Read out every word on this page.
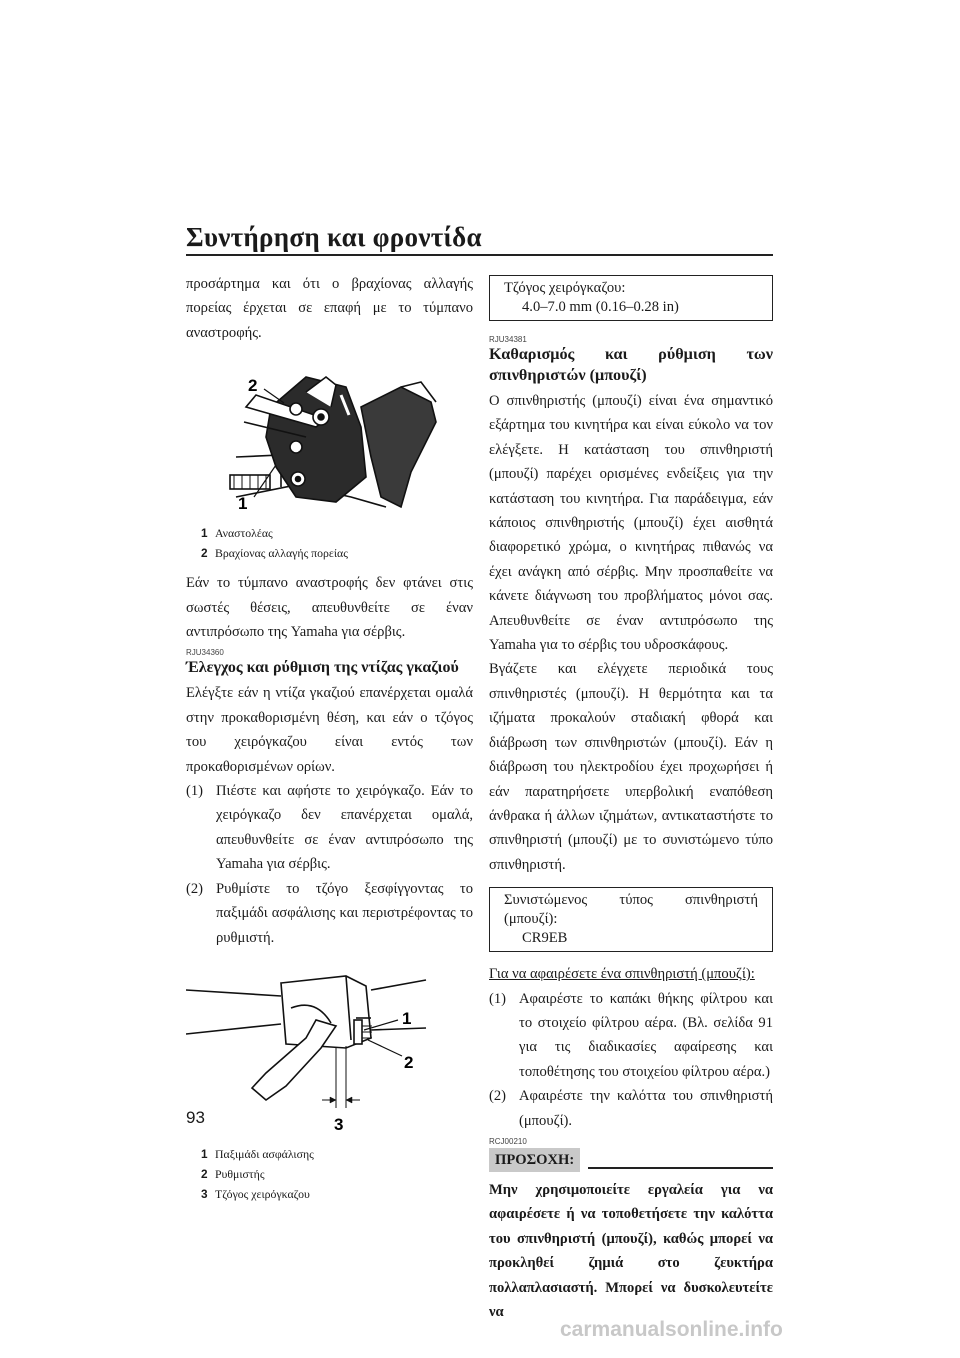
Συντήρηση και φροντίδα

προσάρτημα και ότι ο βραχίονας αλλαγής πορείας έρχεται σε επαφή με το τύμπανο αναστροφής.

2
1
1 Αναστολέας
2 Βραχίονας αλλαγής πορείας

Εάν το τύμπανο αναστροφής δεν φτάνει στις σωστές θέσεις, απευθυνθείτε σε έναν αντιπρόσωπο της Yamaha για σέρβις.

RJU34360
Έλεγχος και ρύθμιση της ντίζας γκαζιού

Ελέγξτε εάν η ντίζα γκαζιού επανέρχεται ομαλά στην προκαθορισμένη θέση, και εάν ο τζόγος του χειρόγκαζου είναι εντός των προκαθορισμένων ορίων.

(1) Πιέστε και αφήστε το χειρόγκαζο. Εάν το χειρόγκαζο δεν επανέρχεται ομαλά, απευθυνθείτε σε έναν αντιπρόσωπο της Yamaha για σέρβις.
(2) Ρυθμίστε το τζόγο ξεσφίγγοντας το παξιμάδι ασφάλισης και περιστρέφοντας το ρυθμιστή.
1
2
3
1 Παξιμάδι ασφάλισης
2 Ρυθμιστής
3 Τζόγος χειρόγκαζου
Τζόγος χειρόγκαζου:
4.0–7.0 mm (0.16–0.28 in)
RJU34381
Καθαρισμός και ρύθμιση των σπινθηριστών (μπουζί)

Ο σπινθηριστής (μπουζί) είναι ένα σημαντικό εξάρτημα του κινητήρα και είναι εύκολο να τον ελέγξετε. Η κατάσταση του σπινθηριστή (μπουζί) παρέχει ορισμένες ενδείξεις για την κατάσταση του κινητήρα. Για παράδειγμα, εάν κάποιος σπινθηριστής (μπουζί) έχει αισθητά διαφορετικό χρώμα, ο κινητήρας πιθανώς να έχει ανάγκη από σέρβις. Μην προσπαθείτε να κάνετε διάγνωση του προβλήματος μόνοι σας. Απευθυνθείτε σε έναν αντιπρόσωπο της Yamaha για το σέρβις του υδροσκάφους.

Βγάζετε και ελέγχετε περιοδικά τους σπινθηριστές (μπουζί). Η θερμότητα και τα ιζήματα προκαλούν σταδιακή φθορά και διάβρωση των σπινθηριστών (μπουζί). Εάν η διάβρωση του ηλεκτροδίου έχει προχωρήσει ή εάν παρατηρήσετε υπερβολική εναπόθεση άνθρακα ή άλλων ιζημάτων, αντικαταστήστε το σπινθηριστή (μπουζί) με το συνιστώμενο τύπο σπινθηριστή.

Συνιστώμενος τύπος σπινθηριστή (μπουζί):
CR9EB
Για να αφαιρέσετε ένα σπινθηριστή (μπουζί):
(1) Αφαιρέστε το καπάκι θήκης φίλτρου και το στοιχείο φίλτρου αέρα. (Βλ. σελίδα 91 για τις διαδικασίες αφαίρεσης και τοποθέτησης του στοιχείου φίλτρου αέρα.)
(2) Αφαιρέστε την καλόττα του σπινθηριστή (μπουζί).
RCJ00210
ΠΡΟΣΟΧΗ:

Μην χρησιμοποιείτε εργαλεία για να αφαιρέσετε ή να τοποθετήσετε την καλόττα του σπινθηριστή (μπουζί), καθώς μπορεί να προκληθεί ζημιά στο ζευκτήρα πολλαπλασιαστή. Μπορεί να δυσκολευτείτε να

93
carmanualsonline.info
